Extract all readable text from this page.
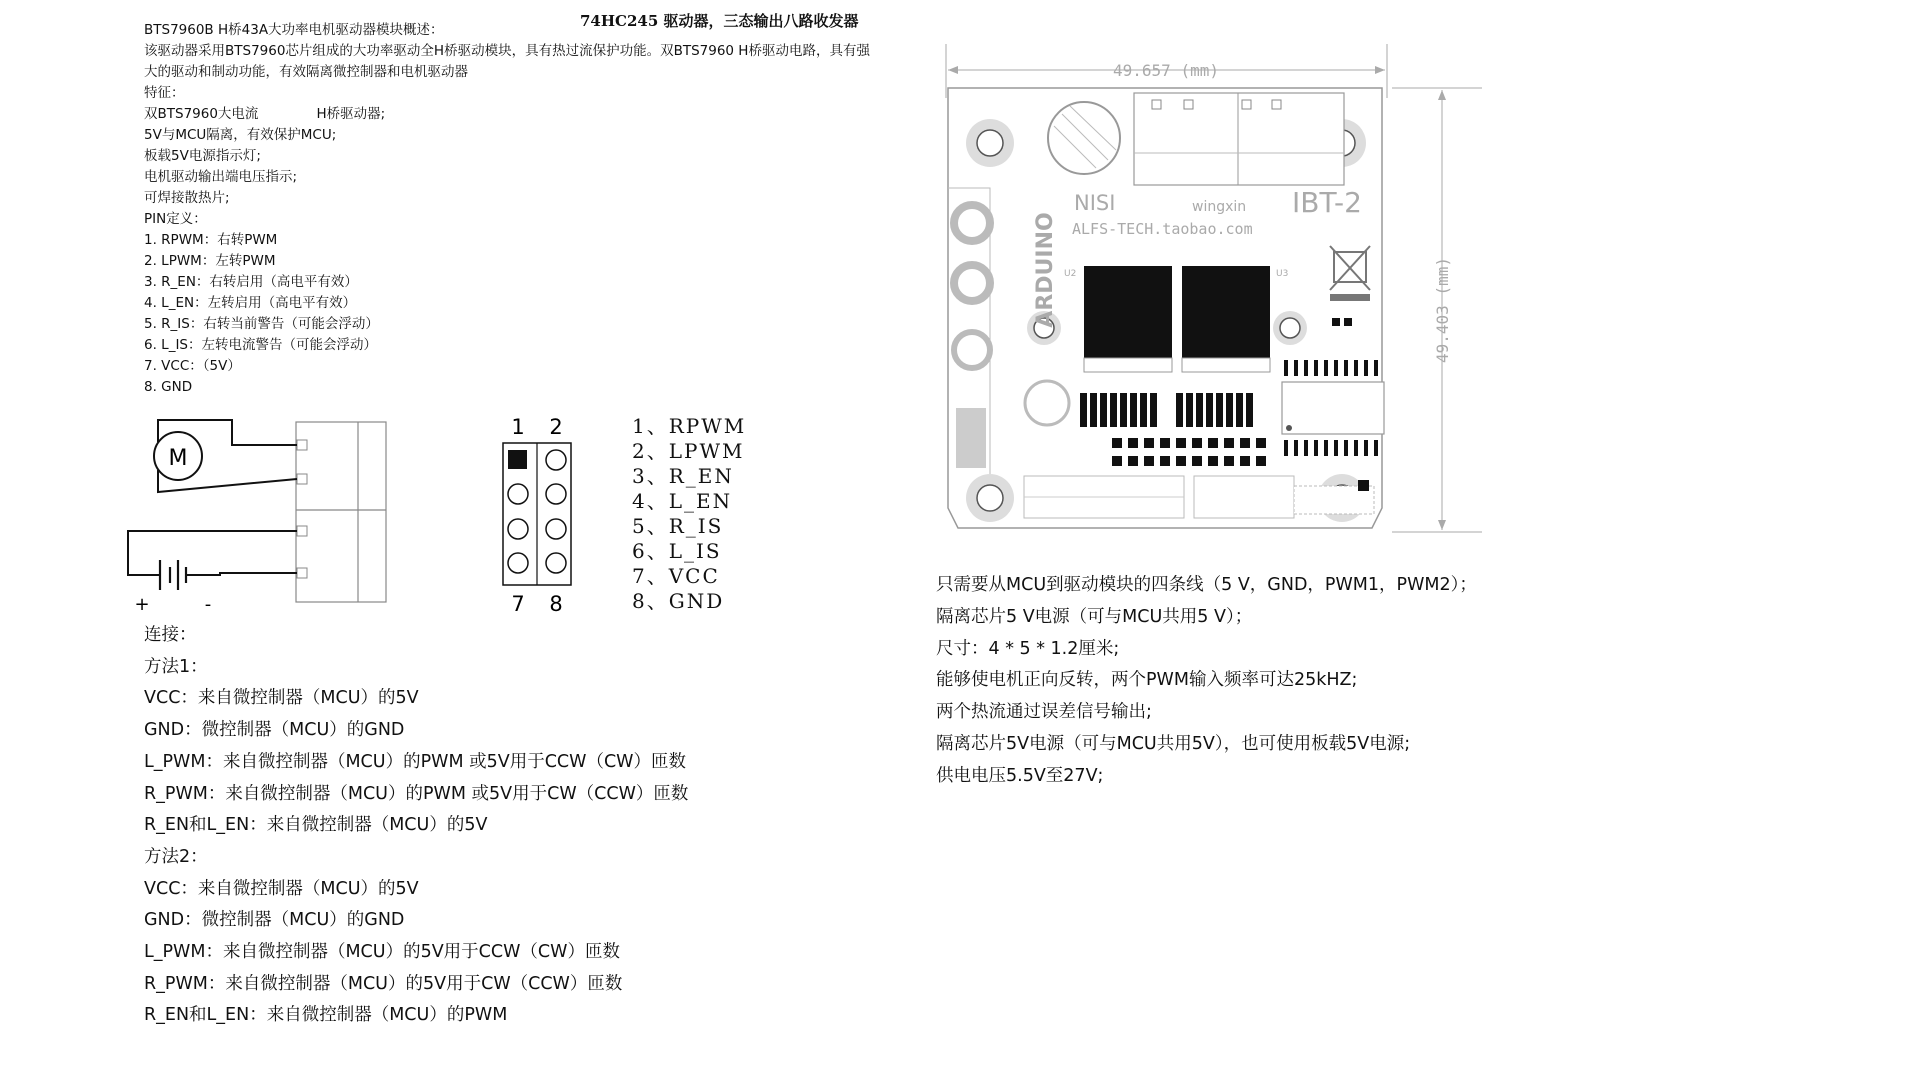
74HC245 驱动器，三态输出八路收发器
BTS7960B H桥43A大功率电机驱动器模块概述：
该驱动器采用BTS7960芯片组成的大功率驱动全H桥驱动模块，具有热过流保护功能。双BTS7960 H桥驱动电路，具有强
大的驱动和制动功能，有效隔离微控制器和电机驱动器
特征：
双BTS7960大电流	H桥驱动器;
5V与MCU隔离，有效保护MCU;
板载5V电源指示灯;
电机驱动输出端电压指示;
可焊接散热片;
PIN定义：
1. RPWM：右转PWM
2. LPWM：左转PWM
3. R_EN：右转启用（高电平有效）
4. L_EN：左转启用（高电平有效）
5. R_IS：右转当前警告（可能会浮动）
6. L_IS：左转电流警告（可能会浮动）
7. VCC：（5V）
8. GND
M
+	-
1 2
7 8
1、RPWM
2、LPWM
3、R_EN
4、L_EN
5、R_IS
6、L_IS
7、VCC
8、GND
49.657 (mm)
49.403 (mm)
ARDUINO
NISI	wingxin IBT-2
ALFS-TECH.taobao.com
U2	U3
连接：
方法1：
VCC：来自微控制器（MCU）的5V
GND：微控制器（MCU）的GND
L_PWM：来自微控制器（MCU）的PWM 或5V用于CCW（CW）匝数
R_PWM：来自微控制器（MCU）的PWM 或5V用于CW（CCW）匝数
R_EN和L_EN：来自微控制器（MCU）的5V
方法2：
VCC：来自微控制器（MCU）的5V
GND：微控制器（MCU）的GND
L_PWM：来自微控制器（MCU）的5V用于CCW（CW）匝数
R_PWM：来自微控制器（MCU）的5V用于CW（CCW）匝数
R_EN和L_EN：来自微控制器（MCU）的PWM
只需要从MCU到驱动模块的四条线（5 V，GND，PWM1，PWM2）；
隔离芯片5 V电源（可与MCU共用5 V）；
尺寸：4 * 5 * 1.2厘米;
能够使电机正向反转，两个PWM输入频率可达25kHZ;
两个热流通过误差信号输出;
隔离芯片5V电源（可与MCU共用5V），也可使用板载5V电源;
供电电压5.5V至27V;
